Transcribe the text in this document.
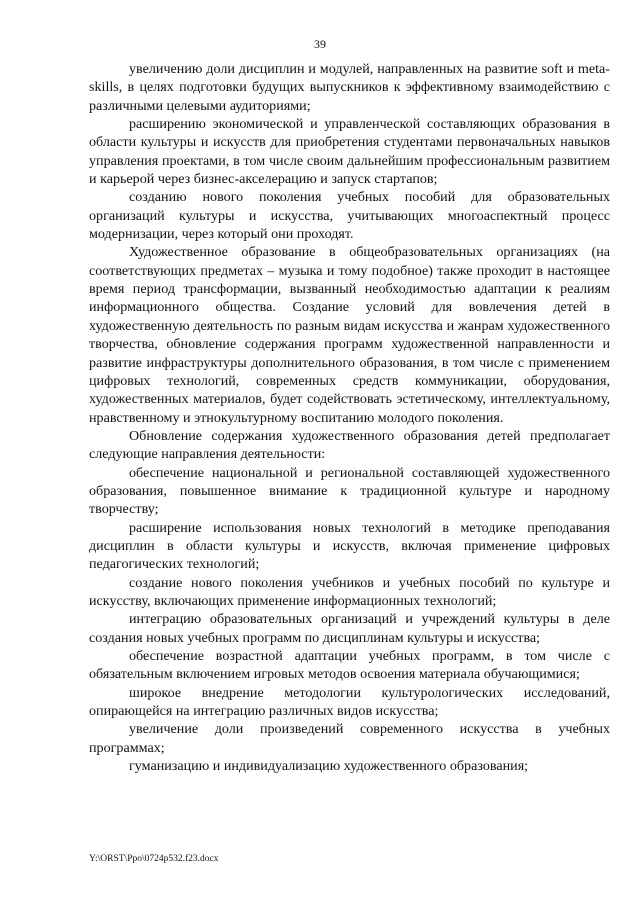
39

увеличению доли дисциплин и модулей, направленных на развитие soft и meta-skills, в целях подготовки будущих выпускников к эффективному взаимодействию с различными целевыми аудиториями;

расширению экономической и управленческой составляющих образования в области культуры и искусств для приобретения студентами первоначальных навыков управления проектами, в том числе своим дальнейшим профессиональным развитием и карьерой через бизнес-акселерацию и запуск стартапов;

созданию нового поколения учебных пособий для образовательных организаций культуры и искусства, учитывающих многоаспектный процесс модернизации, через который они проходят.

Художественное образование в общеобразовательных организациях (на соответствующих предметах – музыка и тому подобное) также проходит в настоящее время период трансформации, вызванный необходимостью адаптации к реалиям информационного общества. Создание условий для вовлечения детей в художественную деятельность по разным видам искусства и жанрам художественного творчества, обновление содержания программ художественной направленности и развитие инфраструктуры дополнительного образования, в том числе с применением цифровых технологий, современных средств коммуникации, оборудования, художественных материалов, будет содействовать эстетическому, интеллектуальному, нравственному и этнокультурному воспитанию молодого поколения.

Обновление содержания художественного образования детей предполагает следующие направления деятельности:

обеспечение национальной и региональной составляющей художественного образования, повышенное внимание к традиционной культуре и народному творчеству;

расширение использования новых технологий в методике преподавания дисциплин в области культуры и искусств, включая применение цифровых педагогических технологий;

создание нового поколения учебников и учебных пособий по культуре и искусству, включающих применение информационных технологий;

интеграцию образовательных организаций и учреждений культуры в деле создания новых учебных программ по дисциплинам культуры и искусства;

обеспечение возрастной адаптации учебных программ, в том числе с обязательным включением игровых методов освоения материала обучающимися;

широкое внедрение методологии культурологических исследований, опирающейся на интеграцию различных видов искусства;

увеличение доли произведений современного искусства в учебных программах;

гуманизацию и индивидуализацию художественного образования;

Y:\ORST\Ppo\0724p532.f23.docx
